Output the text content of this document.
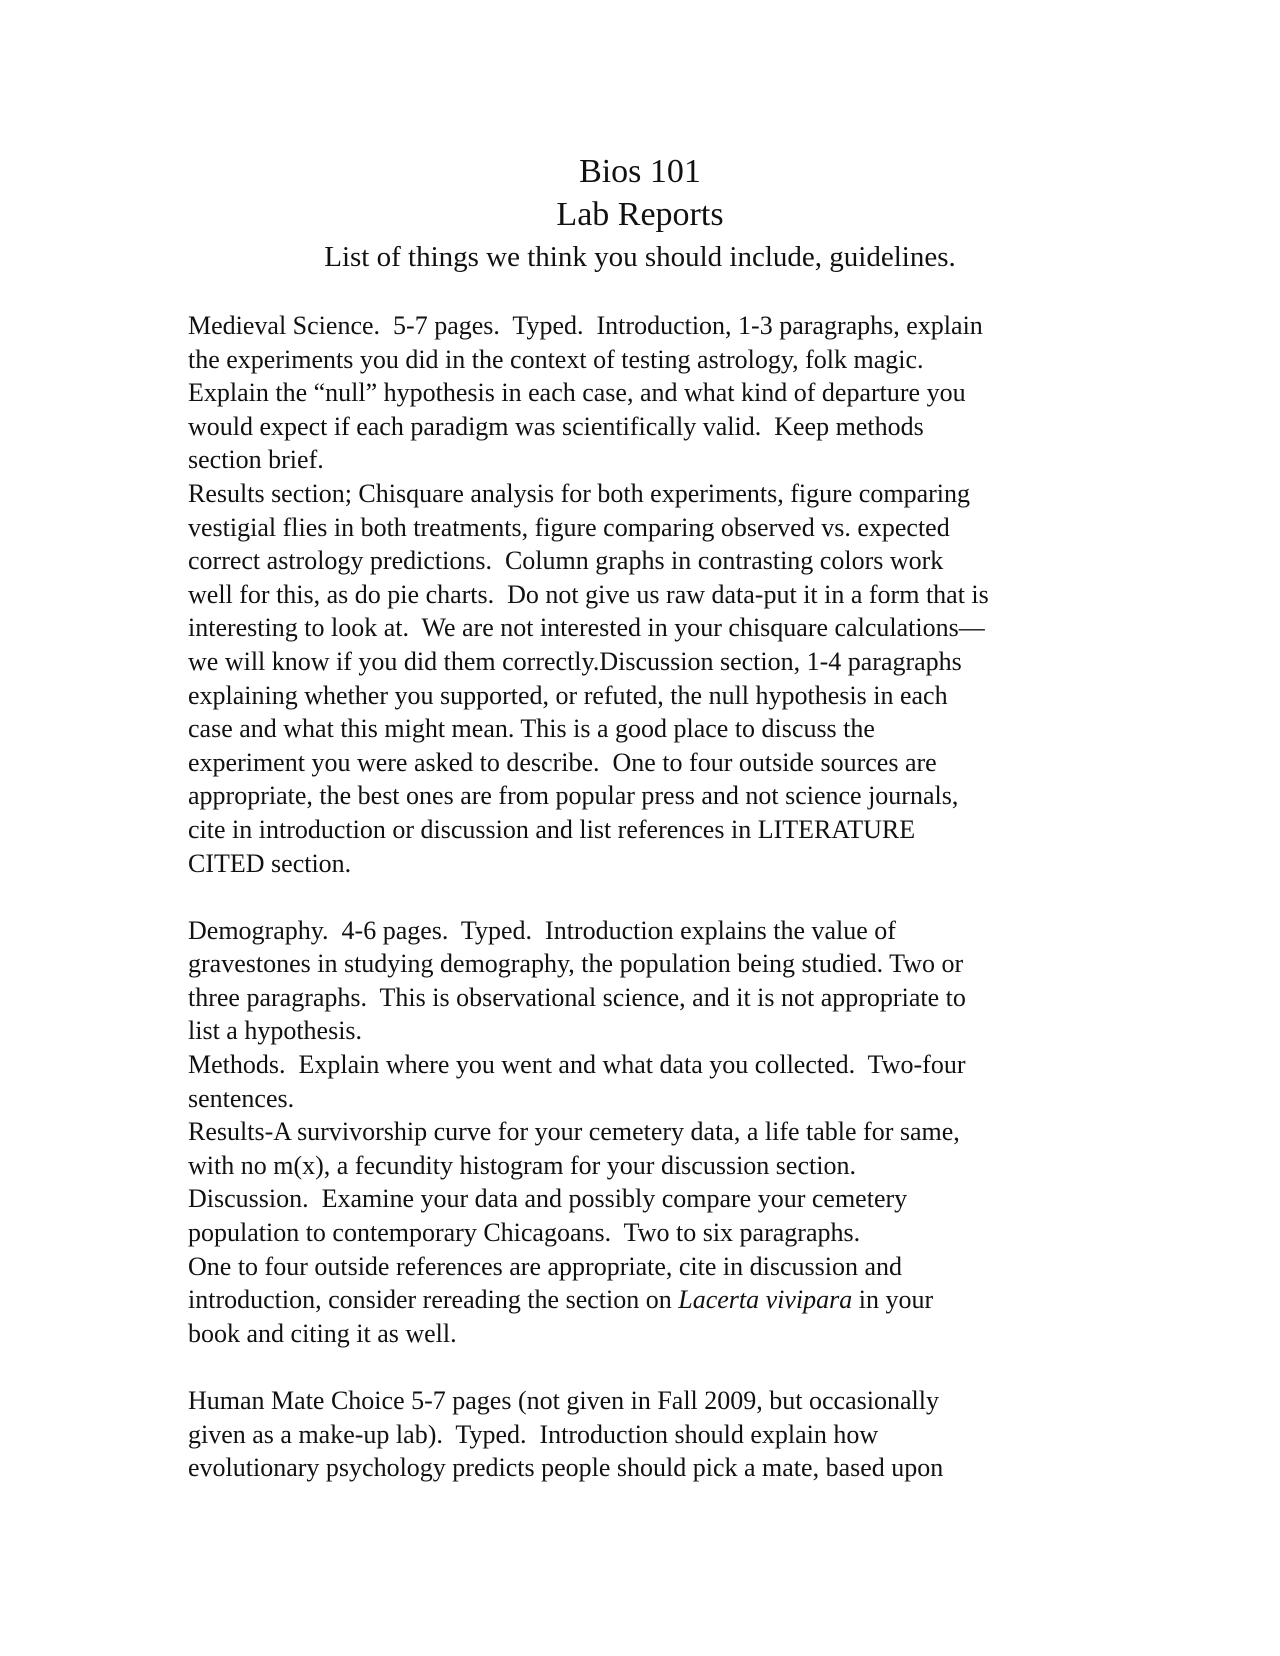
Bios 101
Lab Reports
List of things we think you should include, guidelines.
Medieval Science.  5-7 pages.  Typed.  Introduction, 1-3 paragraphs, explain
the experiments you did in the context of testing astrology, folk magic.
Explain the “null” hypothesis in each case, and what kind of departure you
would expect if each paradigm was scientifically valid.  Keep methods
section brief.
Results section; Chisquare analysis for both experiments, figure comparing
vestigial flies in both treatments, figure comparing observed vs. expected
correct astrology predictions.  Column graphs in contrasting colors work
well for this, as do pie charts.  Do not give us raw data-put it in a form that is
interesting to look at.  We are not interested in your chisquare calculations—
we will know if you did them correctly.Discussion section, 1-4 paragraphs
explaining whether you supported, or refuted, the null hypothesis in each
case and what this might mean. This is a good place to discuss the
experiment you were asked to describe.  One to four outside sources are
appropriate, the best ones are from popular press and not science journals,
cite in introduction or discussion and list references in LITERATURE
CITED section.
Demography.  4-6 pages.  Typed.  Introduction explains the value of
gravestones in studying demography, the population being studied. Two or
three paragraphs.  This is observational science, and it is not appropriate to
list a hypothesis.
Methods.  Explain where you went and what data you collected.  Two-four
sentences.
Results-A survivorship curve for your cemetery data, a life table for same,
with no m(x), a fecundity histogram for your discussion section.
Discussion.  Examine your data and possibly compare your cemetery
population to contemporary Chicagoans.  Two to six paragraphs.
One to four outside references are appropriate, cite in discussion and
introduction, consider rereading the section on Lacerta vivipara in your
book and citing it as well.
Human Mate Choice 5-7 pages (not given in Fall 2009, but occasionally
given as a make-up lab).  Typed.  Introduction should explain how
evolutionary psychology predicts people should pick a mate, based upon
